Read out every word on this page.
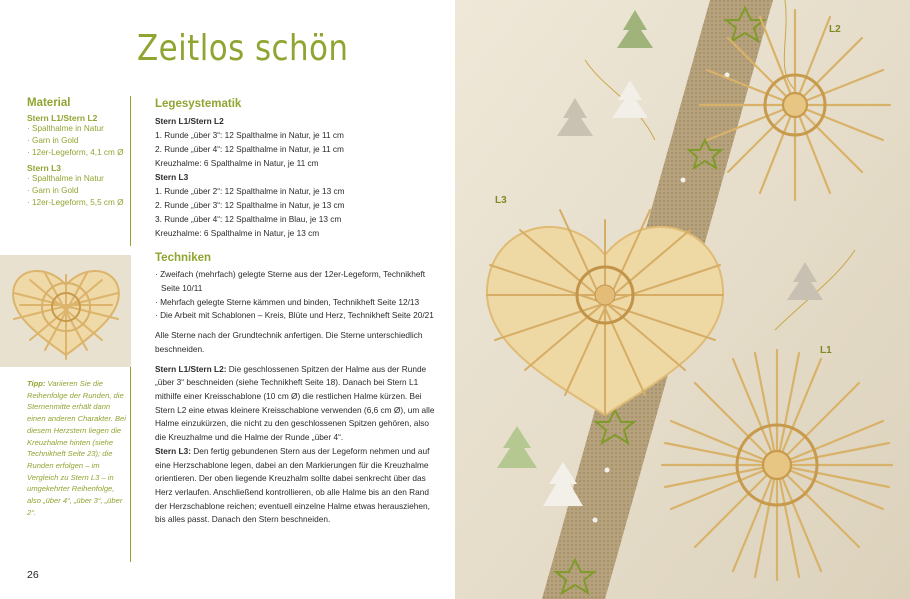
Zeitlos schön
Material
Stern L1/Stern L2
· Spalthalme in Natur
· Garn in Gold
· 12er-Legeform, 4,1 cm Ø
Stern L3
· Spalthalme in Natur
· Garn in Gold
· 12er-Legeform, 5,5 cm Ø
Tipp: Variieren Sie die Reihenfolge der Runden, die Sternenmitte erhält dann einen anderen Charakter. Bei diesem Herzstern liegen die Kreuzhalme hinten (siehe Technikheft Seite 23); die Runden erfolgen – im Vergleich zu Stern L3 – in umgekehrter Reihenfolge, also „über 4“, „über 3“, „über 2“.
Legesystematik

Stern L1/Stern L2

1. Runde „über 3“: 12 Spalthalme in Natur, je 11 cm

2. Runde „über 4“: 12 Spalthalme in Natur, je 11 cm

Kreuzhalme: 6 Spalthalme in Natur, je 11 cm

Stern L3

1. Runde „über 2“: 12 Spalthalme in Natur, je 13 cm

2. Runde „über 3“: 12 Spalthalme in Natur, je 13 cm

3. Runde „über 4“: 12 Spalthalme in Blau, je 13 cm

Kreuzhalme: 6 Spalthalme in Natur, je 13 cm

Techniken

· Zweifach (mehrfach) gelegte Sterne aus der 12er-Legeform, Technikheft Seite 10/11

· Mehrfach gelegte Sterne kämmen und binden, Technikheft Seite 12/13

· Die Arbeit mit Schablonen – Kreis, Blüte und Herz, Technikheft Seite 20/21

Alle Sterne nach der Grundtechnik anfertigen. Die Sterne unterschiedlich beschneiden.

Stern L1/Stern L2: Die geschlossenen Spitzen der Halme aus der Runde „über 3“ beschneiden (siehe Technikheft Seite 18). Danach bei Stern L1 mithilfe einer Kreisschablone (10 cm Ø) die restlichen Halme kürzen. Bei Stern L2 eine etwas kleinere Kreisschablone verwenden (6,6 cm Ø), um alle Halme einzukürzen, die nicht zu den geschlossenen Spitzen gehören, also die Kreuzhalme und die Halme der Runde „über 4“.

Stern L3: Den fertig gebundenen Stern aus der Legeform nehmen und auf eine Herzschablone legen, dabei an den Markierungen für die Kreuzhalme orientieren. Der oben liegende Kreuzhalm sollte dabei senkrecht über das Herz verlaufen. Anschließend kontrollieren, ob alle Halme bis an den Rand der Herzschablone reichen; eventuell einzelne Halme etwas herausziehen, bis alles passt. Danach den Stern beschneiden.

26
L2
L3
L1
